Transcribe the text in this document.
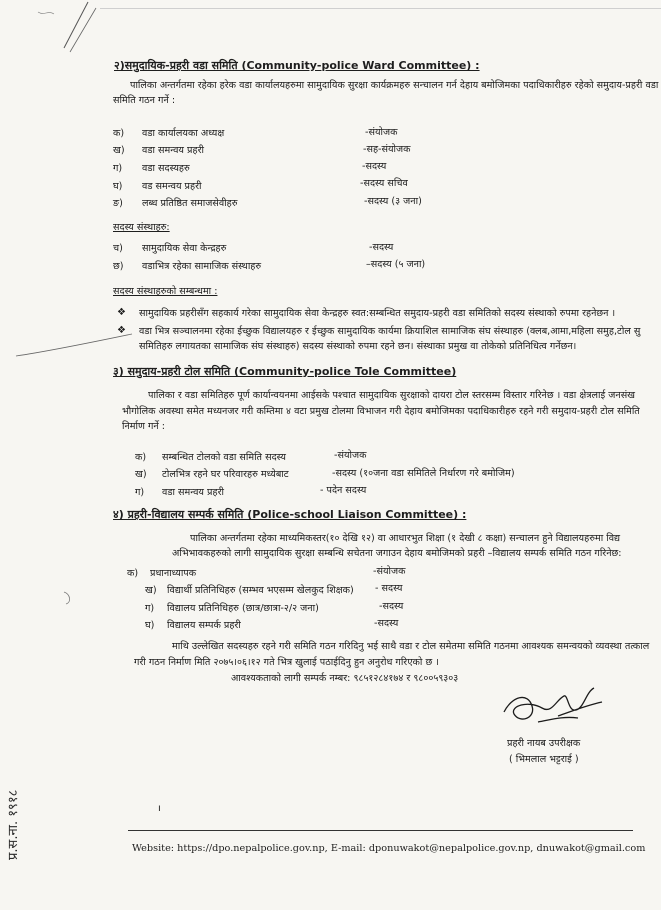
२)समुदायिक-प्रहरी वडा समिति (Community-police Ward Committee) :
पालिका अन्तर्गतमा रहेका हरेक वडा कार्यालयहरुमा सामुदायिक सुरक्षा कार्यक्रमहरु सन्चालन गर्न देहाय बमोजिमका पदाधिकारीहरु रहेको समुदाय-प्रहरी वडा
समिति गठन गर्ने :
क) वडा कार्यालयका अध्यक्ष	-संयोजक
ख) वडा समन्वय प्रहरी	-सह-संयोजक
ग) वडा सदस्यहरु	-सदस्य
घ) वड समन्वय प्रहरी	-सदस्य सचिव
ङ) लब्ध प्रतिष्ठित समाजसेवीहरु	-सदस्य (३ जना)
सदस्य संस्थाहरु:
च) सामुदायिक सेवा केन्द्रहरु	-सदस्य
छ) वडाभित्र रहेका सामाजिक संस्थाहरु	–सदस्य (५ जना)
सदस्य संस्थाहरुको सम्बन्धमा :
❖ सामुदायिक प्रहरीसँग सहकार्य गरेका सामुदायिक सेवा केन्द्रहरु स्वत:सम्बन्धित समुदाय-प्रहरी वडा समितिको सदस्य संस्थाको रुपमा रहनेछन ।
❖ वडा भित्र सञ्चालनमा रहेका ईच्छुक विद्यालयहरु र ईच्छुक सामुदायिक कार्यमा क्रियाशिल सामाजिक संघ संस्थाहरु (क्लब,आमा,महिला समुह,टोल सु
समितिहरु लगायतका सामाजिक संघ संस्थाहरु) सदस्य संस्थाको रुपमा रहने छन। संस्थाका प्रमुख वा तोकेको प्रतिनिधित्व गर्नेछन।
३) समुदाय-प्रहरी टोल समिति (Community-police Tole Committee)
पालिका र वडा समितिहरु पूर्ण कार्यान्वयनमा आईसके पश्चात सामुदायिक सुरक्षाको दायरा टोल स्तरसम्म विस्तार गरिनेछ । वडा क्षेत्रलाई जनसंख
भौगोलिक अवस्था समेत मध्यनजर गरी कम्तिमा ४ वटा प्रमुख टोलमा विभाजन गरी देहाय बमोजिमका पदाधिकारीहरु रहने गरी समुदाय-प्रहरी टोल समिति
निर्माण गर्ने :
क) सम्बन्धित टोलको वडा समिति सदस्य	-संयोजक
ख) टोलभित्र रहने घर परिवारहरु मध्येबाट	-सदस्य (१०जना वडा समितिले निर्धारण गरे बमोजिम)
ग) वडा समन्वय प्रहरी	- पदेन सदस्य
४) प्रहरी-विद्यालय सम्पर्क समिति (Police-school Liaison Committee) :
पालिका अन्तर्गतमा रहेका माध्यमिकस्तर(१० देखि १२) वा आधारभुत शिक्षा (१ देखी ८ कक्षा) सन्चालन हुने विद्यालयहरुमा विद्य
अभिभावकहरुको लागी सामुदायिक सुरक्षा सम्बन्धि सचेतना जगाउन देहाय बमोजिमको प्रहरी –विद्यालय सम्पर्क समिति गठन गरिनेछ:
क) प्रधानाध्यापक	-संयोजक
ख) विद्यार्थी प्रतिनिधिहरु (सम्भव भएसम्म खेलकुद शिक्षक) - सदस्य
ग) विद्यालय प्रतिनिधिहरु (छात्र/छात्रा-२/२ जना)	-सदस्य
घ) विद्यालय सम्पर्क प्रहरी	-सदस्य
माथि उल्लेखित सदस्यहरु रहने गरी समिति गठन गरिदिनु भई साथै वडा र टोल समेतमा समिति गठनमा आवश्यक समन्वयको व्यवस्था तत्काल
गरी गठन निर्माण मिति २०७५।०६।१२ गते भित्र खुलाई पठाईदिनु हुन अनुरोध गरिएको छ ।
आवश्यकताको लागी सम्पर्क नम्बर: ९८५१२८४१७४ र ९८००५९३०३
प्रहरी नायब उपरीक्षक
( भिमलाल भट्टराई )
प्र.स.ना. १९१८	ı
Website: https://dpo.nepalpolice.gov.np, E-mail: dponuwakot@nepalpolice.gov.np, dnuwakot@gmail.com
